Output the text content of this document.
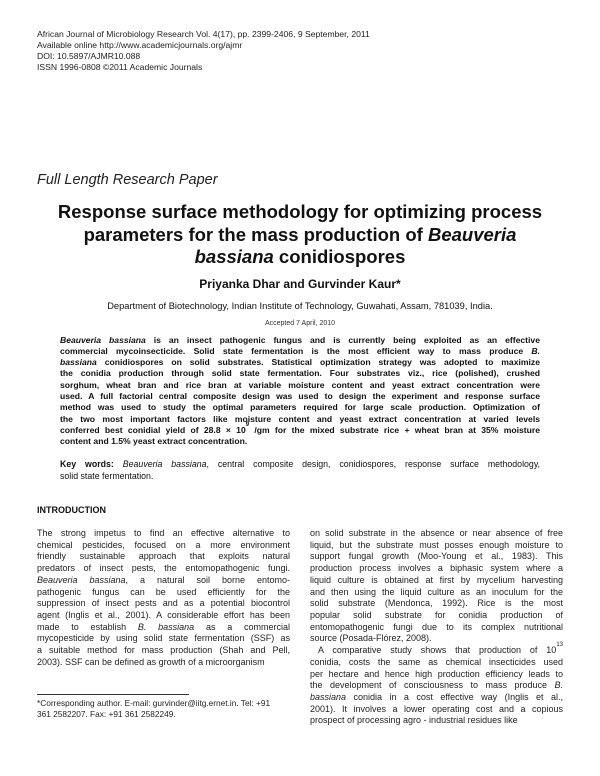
African Journal of Microbiology Research Vol. 4(17), pp. 2399-2406, 9 September, 2011
Available online http://www.academicjournals.org/ajmr
DOI: 10.5897/AJMR10.088
ISSN 1996-0808 ©2011 Academic Journals
Full Length Research Paper
Response surface methodology for optimizing process
parameters for the mass production of Beauveria
bassiana conidiospores
Priyanka Dhar and Gurvinder Kaur*
Department of Biotechnology, Indian Institute of Technology, Guwahati, Assam, 781039, India.
Accepted 7 April, 2010
Beauveria bassiana is an insect pathogenic fungus and is currently being exploited as an effective
commercial mycoinsecticide. Solid state fermentation is the most efficient way to mass produce B.
bassiana conidiospores on solid substrates. Statistical optimization strategy was adopted to maximize
the conidia production through solid state fermentation. Four substrates viz., rice (polished), crushed
sorghum, wheat bran and rice bran at variable moisture content and yeast extract concentration were
used. A full factorial central composite design was used to design the experiment and response surface
method was used to study the optimal parameters required for large scale production. Optimization of
the two most important factors like moisture content and yeast extract concentration at varied levels
conferred best conidial yield of $28.8 \times 10^9$ /gm for the mixed substrate rice + wheat bran at 35% moisture
content and 1.5% yeast extract concentration.
Key words: Beauveria bassiana, central composite design, conidiospores, response surface methodology,
solid state fermentation.
INTRODUCTION
The strong impetus to find an effective alternative to
chemical pesticides, focused on a more environment
friendly sustainable approach that exploits natural
predators of insect pests, the entomopathogenic fungi.
Beauveria bassiana, a natural soil borne entomo-
pathogenic fungus can be used efficiently for the
suppression of insect pests and as a potential biocontrol
agent (Inglis et al., 2001). A considerable effort has been
made to establish B. bassiana as a commercial
mycopesticide by using solid state fermentation (SSF) as
a suitable method for mass production (Shah and Pell,
2003). SSF can be defined as growth of a microorganism
*Corresponding author. E-mail: gurvinder@iitg.ernet.in. Tel: +91
361 2582207. Fax: +91 361 2582249.
on solid substrate in the absence or near absence of free
liquid, but the substrate must posses enough moisture to
support fungal growth (Moo-Young et al., 1983). This
production process involves a biphasic system where a
liquid culture is obtained at first by mycelium harvesting
and then using the liquid culture as an inoculum for the
solid substrate (Mendonca, 1992). Rice is the most
popular solid substrate for conidia production of
entomopathogenic fungi due to its complex nutritional
source (Posada-Flórez, 2008).
A comparative study shows that production of $10^{13}$
conidia, costs the same as chemical insecticides used
per hectare and hence high production efficiency leads to
the development of consciousness to mass produce B.
bassiana conidia in a cost effective way (Inglis et al.,
2001). It involves a lower operating cost and a copious
prospect of processing agro - industrial residues like
